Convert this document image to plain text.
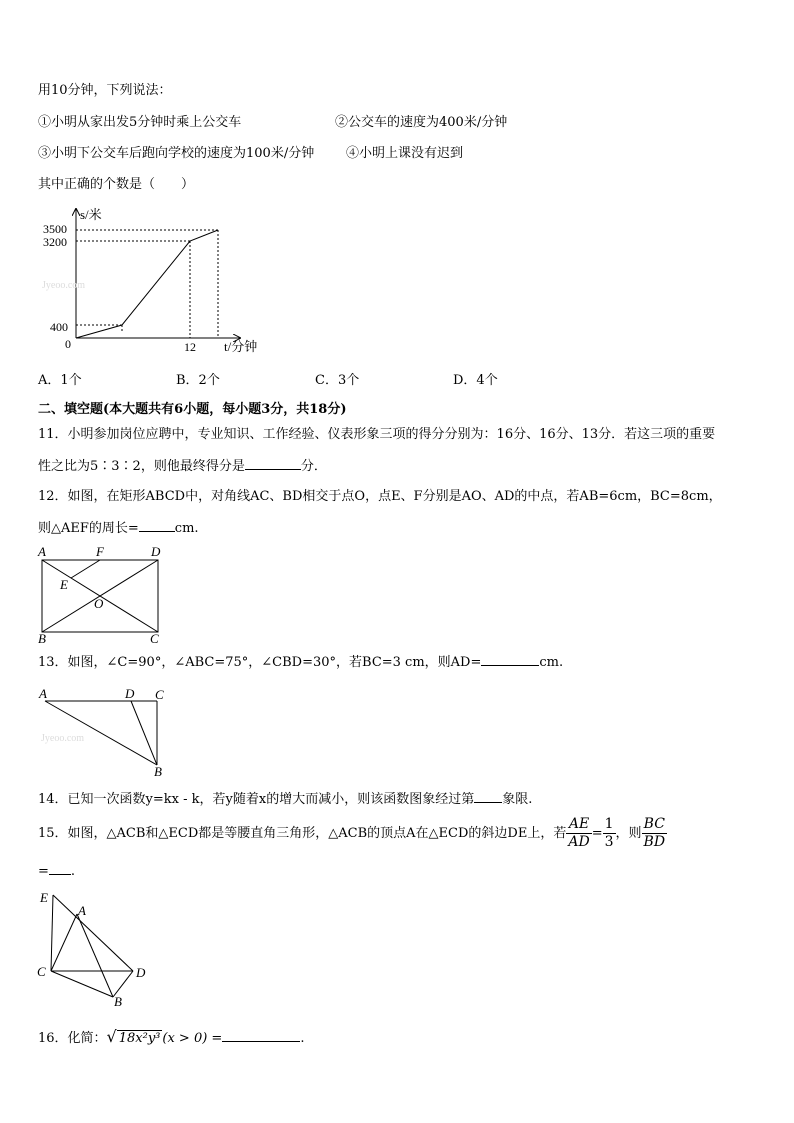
用10分钟，下列说法：
①小明从家出发5分钟时乘上公交车	②公交车的速度为400米/分钟
③小明下公交车后跑向学校的速度为100米/分钟 ④小明上课没有迟到
其中正确的个数是（　　）
s/米
t/分钟
3500
3200
400
0	12
Jyeoo.com
A．1个	B．2个	C．3个	D．4个
二、填空题(本大题共有6小题，每小题3分，共18分)
11．小明参加岗位应聘中，专业知识、工作经验、仪表形象三项的得分分别为：16分、16分、13分．若这三项的重要
性之比为5∶3∶2，则他最终得分是	分．
12．如图，在矩形ABCD中，对角线AC、BD相交于点O，点E、F分别是AO、AD的中点，若AB=6cm，BC=8cm，
则△AEF的周长=	cm.
A	F	D
E
O
B	C
13．如图，∠C=90°，∠ABC=75°，∠CBD=30°，若BC=3 cm，则AD=	cm.
Jyeoo.com
A	D C
B
14．已知一次函数y=kx - k，若y随着x的增大而减小，则该函数图象经过第 象限.
15．如图，△ACB和△ECD都是等腰直角三角形，△ACB的顶点A在△ECD的斜边DE上，若 $\frac{AE}{AD} = \frac{1}{3}$ ，则 $\frac{BC}{BD}$
= .
E
A
C	D
B
16．化简：√ 18x²y³ (x > 0) =	.
